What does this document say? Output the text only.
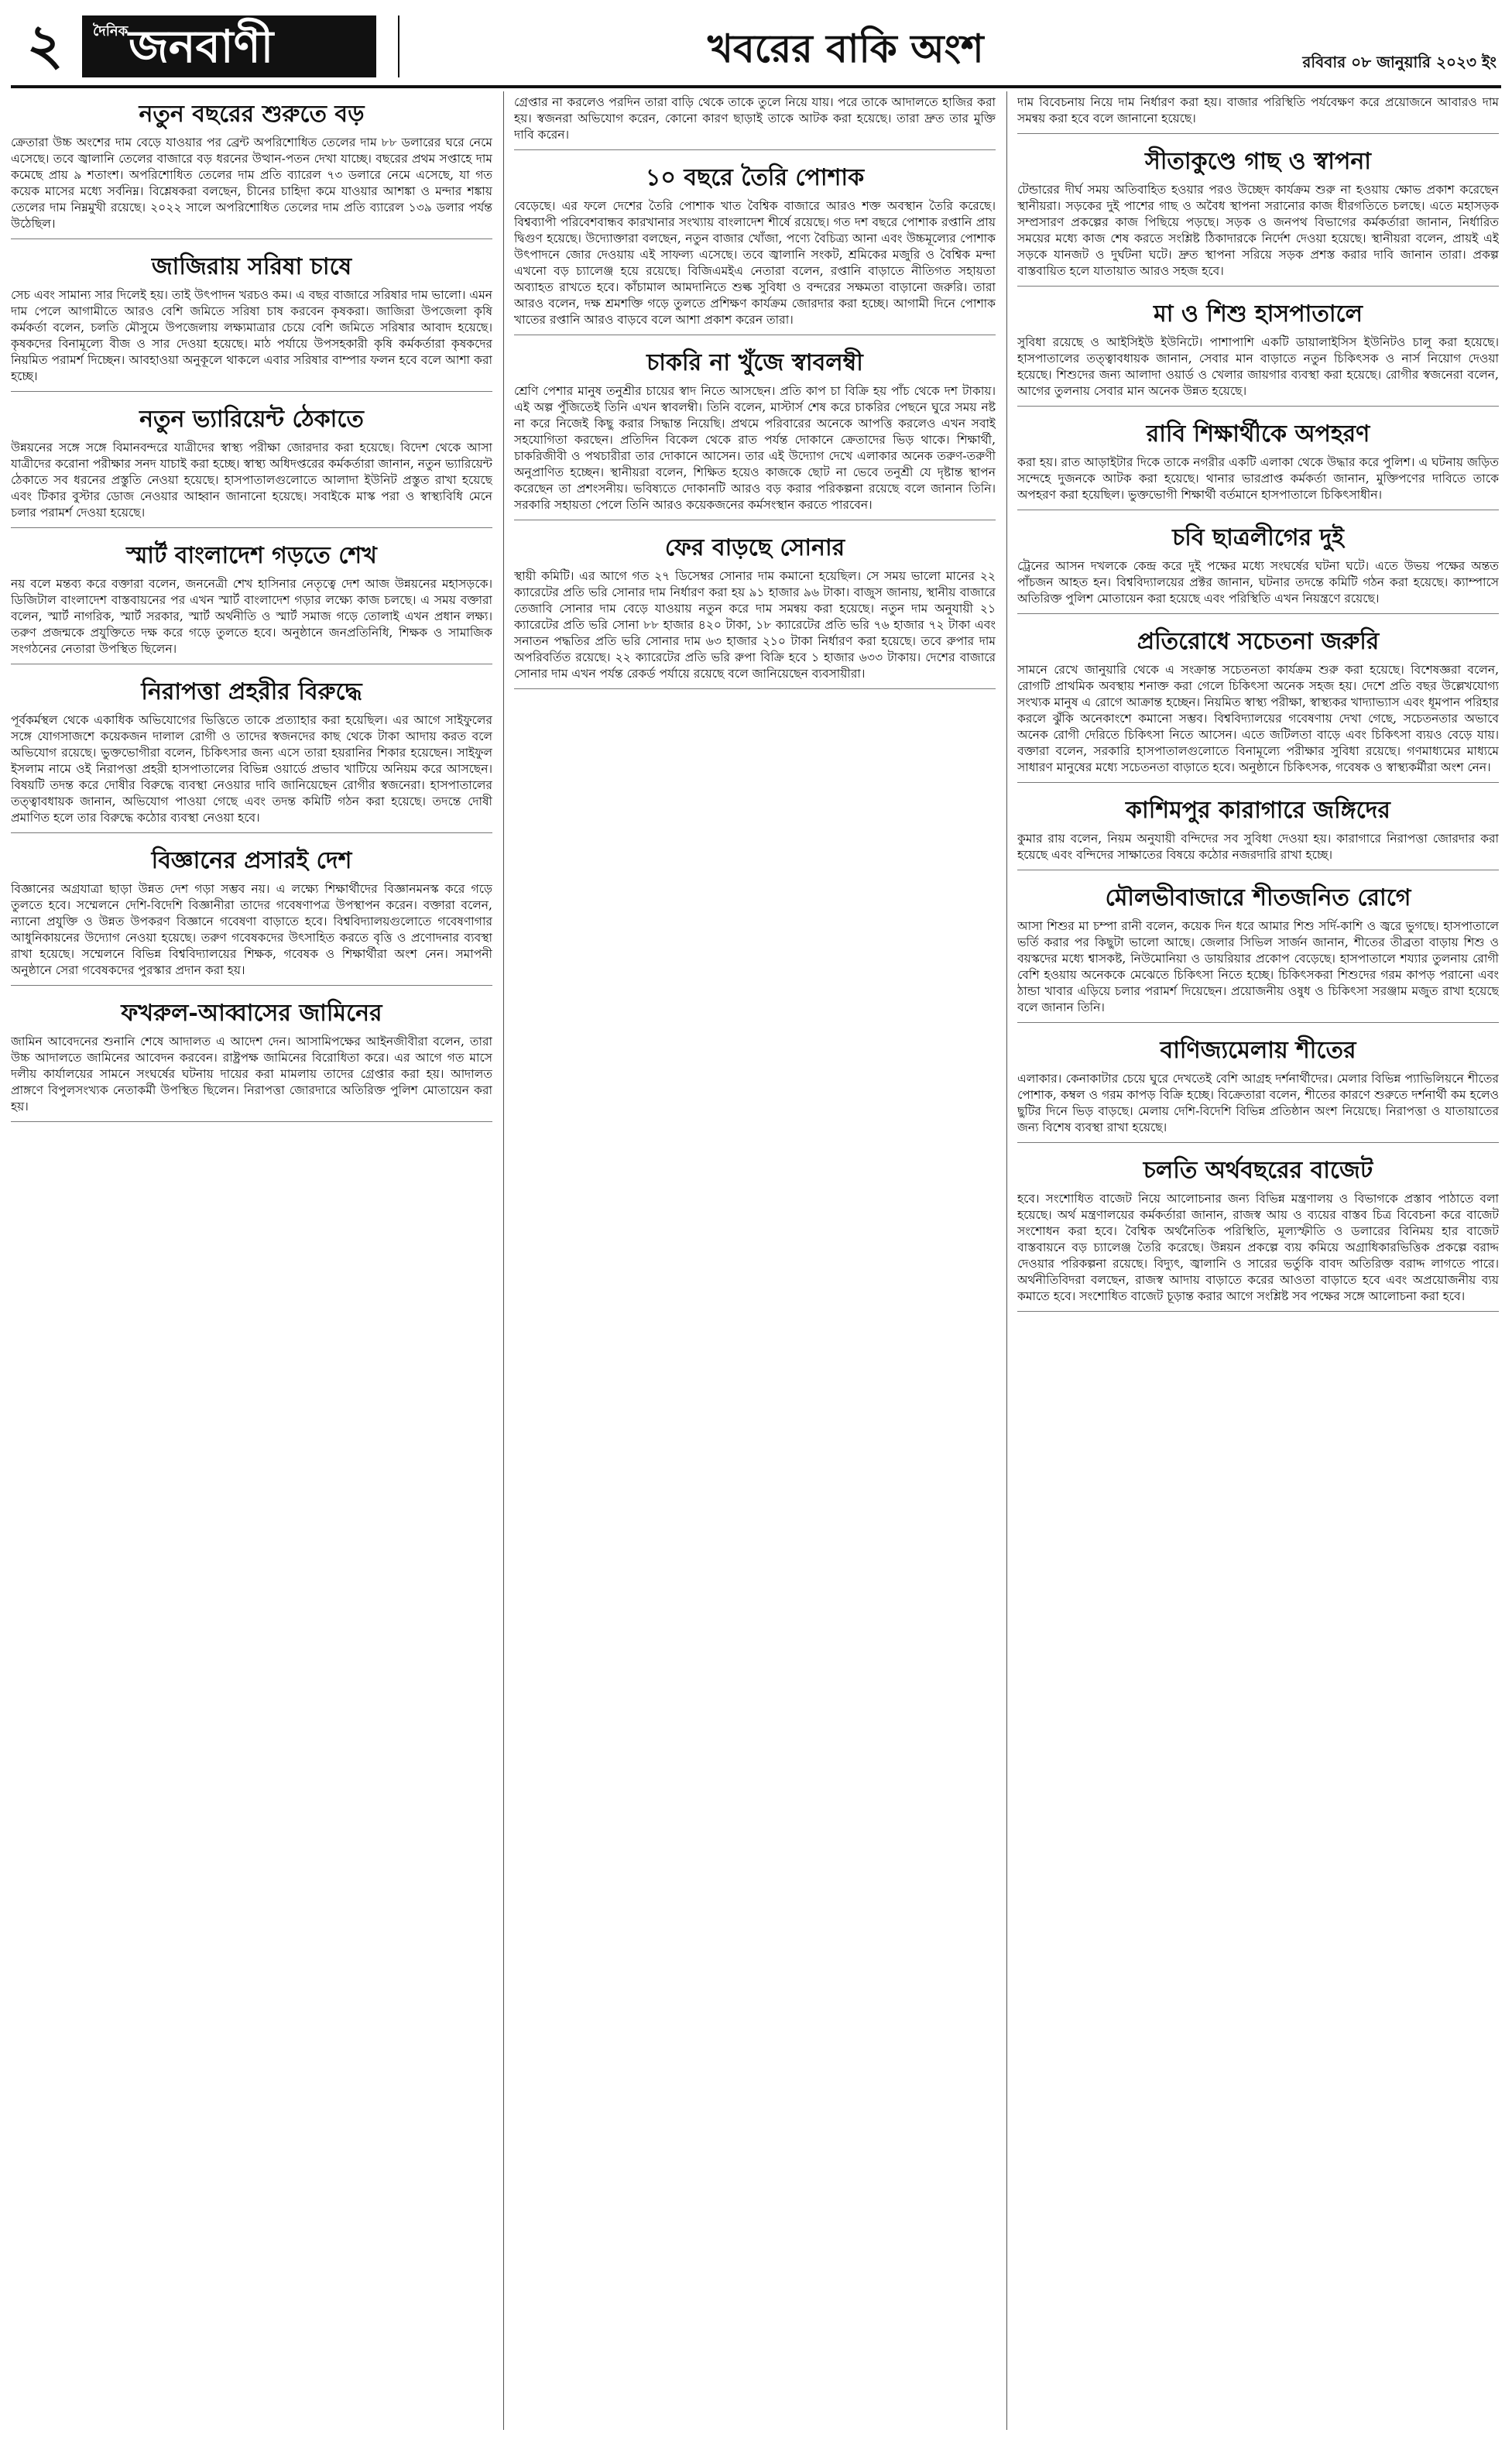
২	দৈনিক জনবাণী	খবরের বাকি অংশ	রবিবার ০৮ জানুয়ারি ২০২৩ ইং
নতুন বছরের শুরুতে বড়

ক্রেতারা উচ্চ অংশের দাম বেড়ে যাওয়ার পর ব্রেন্ট অপরিশোধিত তেলের দাম ৮৮ ডলারের ঘরে নেমে এসেছে। তবে জ্বালানি তেলের বাজারে বড় ধরনের উত্থান-পতন দেখা যাচ্ছে। বছরের প্রথম সপ্তাহে দাম কমেছে প্রায় ৯ শতাংশ। অপরিশোধিত তেলের দাম প্রতি ব্যারেল ৭৩ ডলারে নেমে এসেছে, যা গত কয়েক মাসের মধ্যে সর্বনিম্ন। বিশ্লেষকরা বলছেন, চীনের চাহিদা কমে যাওয়ার আশঙ্কা ও মন্দার শঙ্কায় তেলের দাম নিম্নমুখী রয়েছে। ২০২২ সালে অপরিশোধিত তেলের দাম প্রতি ব্যারেল ১৩৯ ডলার পর্যন্ত উঠেছিল।

জাজিরায় সরিষা চাষে

সেচ এবং সামান্য সার দিলেই হয়। তাই উৎপাদন খরচও কম। এ বছর বাজারে সরিষার দাম ভালো। এমন দাম পেলে আগামীতে আরও বেশি জমিতে সরিষা চাষ করবেন কৃষকরা। জাজিরা উপজেলা কৃষি কর্মকর্তা বলেন, চলতি মৌসুমে উপজেলায় লক্ষ্যমাত্রার চেয়ে বেশি জমিতে সরিষার আবাদ হয়েছে। কৃষকদের বিনামূল্যে বীজ ও সার দেওয়া হয়েছে। মাঠ পর্যায়ে উপসহকারী কৃষি কর্মকর্তারা কৃষকদের নিয়মিত পরামর্শ দিচ্ছেন। আবহাওয়া অনুকূলে থাকলে এবার সরিষার বাম্পার ফলন হবে বলে আশা করা হচ্ছে।

নতুন ভ্যারিয়েন্ট ঠেকাতে

উন্নয়নের সঙ্গে সঙ্গে বিমানবন্দরে যাত্রীদের স্বাস্থ্য পরীক্ষা জোরদার করা হয়েছে। বিদেশ থেকে আসা যাত্রীদের করোনা পরীক্ষার সনদ যাচাই করা হচ্ছে। স্বাস্থ্য অধিদপ্তরের কর্মকর্তারা জানান, নতুন ভ্যারিয়েন্ট ঠেকাতে সব ধরনের প্রস্তুতি নেওয়া হয়েছে। হাসপাতালগুলোতে আলাদা ইউনিট প্রস্তুত রাখা হয়েছে এবং টিকার বুস্টার ডোজ নেওয়ার আহ্বান জানানো হয়েছে। সবাইকে মাস্ক পরা ও স্বাস্থ্যবিধি মেনে চলার পরামর্শ দেওয়া হয়েছে।

স্মার্ট বাংলাদেশ গড়তে শেখ

নয় বলে মন্তব্য করে বক্তারা বলেন, জননেত্রী শেখ হাসিনার নেতৃত্বে দেশ আজ উন্নয়নের মহাসড়কে। ডিজিটাল বাংলাদেশ বাস্তবায়নের পর এখন স্মার্ট বাংলাদেশ গড়ার লক্ষ্যে কাজ চলছে। এ সময় বক্তারা বলেন, স্মার্ট নাগরিক, স্মার্ট সরকার, স্মার্ট অর্থনীতি ও স্মার্ট সমাজ গড়ে তোলাই এখন প্রধান লক্ষ্য। তরুণ প্রজন্মকে প্রযুক্তিতে দক্ষ করে গড়ে তুলতে হবে। অনুষ্ঠানে জনপ্রতিনিধি, শিক্ষক ও সামাজিক সংগঠনের নেতারা উপস্থিত ছিলেন।

নিরাপত্তা প্রহরীর বিরুদ্ধে

পূর্বকর্মস্থল থেকে একাধিক অভিযোগের ভিত্তিতে তাকে প্রত্যাহার করা হয়েছিল। এর আগে সাইফুলের সঙ্গে যোগসাজশে কয়েকজন দালাল রোগী ও তাদের স্বজনদের কাছ থেকে টাকা আদায় করত বলে অভিযোগ রয়েছে। ভুক্তভোগীরা বলেন, চিকিৎসার জন্য এসে তারা হয়রানির শিকার হয়েছেন। সাইফুল ইসলাম নামে ওই নিরাপত্তা প্রহরী হাসপাতালের বিভিন্ন ওয়ার্ডে প্রভাব খাটিয়ে অনিয়ম করে আসছেন। বিষয়টি তদন্ত করে দোষীর বিরুদ্ধে ব্যবস্থা নেওয়ার দাবি জানিয়েছেন রোগীর স্বজনেরা। হাসপাতালের তত্ত্বাবধায়ক জানান, অভিযোগ পাওয়া গেছে এবং তদন্ত কমিটি গঠন করা হয়েছে। তদন্তে দোষী প্রমাণিত হলে তার বিরুদ্ধে কঠোর ব্যবস্থা নেওয়া হবে।

বিজ্ঞানের প্রসারই দেশ

বিজ্ঞানের অগ্রযাত্রা ছাড়া উন্নত দেশ গড়া সম্ভব নয়। এ লক্ষ্যে শিক্ষার্থীদের বিজ্ঞানমনস্ক করে গড়ে তুলতে হবে। সম্মেলনে দেশি-বিদেশি বিজ্ঞানীরা তাদের গবেষণাপত্র উপস্থাপন করেন। বক্তারা বলেন, ন্যানো প্রযুক্তি ও উন্নত উপকরণ বিজ্ঞানে গবেষণা বাড়াতে হবে। বিশ্ববিদ্যালয়গুলোতে গবেষণাগার আধুনিকায়নের উদ্যোগ নেওয়া হয়েছে। তরুণ গবেষকদের উৎসাহিত করতে বৃত্তি ও প্রণোদনার ব্যবস্থা রাখা হয়েছে। সম্মেলনে বিভিন্ন বিশ্ববিদ্যালয়ের শিক্ষক, গবেষক ও শিক্ষার্থীরা অংশ নেন। সমাপনী অনুষ্ঠানে সেরা গবেষকদের পুরস্কার প্রদান করা হয়।

ফখরুল-আব্বাসের জামিনের

জামিন আবেদনের শুনানি শেষে আদালত এ আদেশ দেন। আসামিপক্ষের আইনজীবীরা বলেন, তারা উচ্চ আদালতে জামিনের আবেদন করবেন। রাষ্ট্রপক্ষ জামিনের বিরোধিতা করে। এর আগে গত মাসে দলীয় কার্যালয়ের সামনে সংঘর্ষের ঘটনায় দায়ের করা মামলায় তাদের গ্রেপ্তার করা হয়। আদালত প্রাঙ্গণে বিপুলসংখ্যক নেতাকর্মী উপস্থিত ছিলেন। নিরাপত্তা জোরদারে অতিরিক্ত পুলিশ মোতায়েন করা হয়।

গ্রেপ্তার না করলেও পরদিন তারা বাড়ি থেকে তাকে তুলে নিয়ে যায়। পরে তাকে আদালতে হাজির করা হয়। স্বজনরা অভিযোগ করেন, কোনো কারণ ছাড়াই তাকে আটক করা হয়েছে। তারা দ্রুত তার মুক্তি দাবি করেন।

১০ বছরে তৈরি পোশাক

বেড়েছে। এর ফলে দেশের তৈরি পোশাক খাত বৈশ্বিক বাজারে আরও শক্ত অবস্থান তৈরি করেছে। বিশ্বব্যাপী পরিবেশবান্ধব কারখানার সংখ্যায় বাংলাদেশ শীর্ষে রয়েছে। গত দশ বছরে পোশাক রপ্তানি প্রায় দ্বিগুণ হয়েছে। উদ্যোক্তারা বলছেন, নতুন বাজার খোঁজা, পণ্যে বৈচিত্র্য আনা এবং উচ্চমূল্যের পোশাক উৎপাদনে জোর দেওয়ায় এই সাফল্য এসেছে। তবে জ্বালানি সংকট, শ্রমিকের মজুরি ও বৈশ্বিক মন্দা এখনো বড় চ্যালেঞ্জ হয়ে রয়েছে। বিজিএমইএ নেতারা বলেন, রপ্তানি বাড়াতে নীতিগত সহায়তা অব্যাহত রাখতে হবে। কাঁচামাল আমদানিতে শুল্ক সুবিধা ও বন্দরের সক্ষমতা বাড়ানো জরুরি। তারা আরও বলেন, দক্ষ শ্রমশক্তি গড়ে তুলতে প্রশিক্ষণ কার্যক্রম জোরদার করা হচ্ছে। আগামী দিনে পোশাক খাতের রপ্তানি আরও বাড়বে বলে আশা প্রকাশ করেন তারা।

চাকরি না খুঁজে স্বাবলম্বী

শ্রেণি পেশার মানুষ তনুশ্রীর চায়ের স্বাদ নিতে আসছেন। প্রতি কাপ চা বিক্রি হয় পাঁচ থেকে দশ টাকায়। এই অল্প পুঁজিতেই তিনি এখন স্বাবলম্বী। তিনি বলেন, মাস্টার্স শেষ করে চাকরির পেছনে ঘুরে সময় নষ্ট না করে নিজেই কিছু করার সিদ্ধান্ত নিয়েছি। প্রথমে পরিবারের অনেকে আপত্তি করলেও এখন সবাই সহযোগিতা করছেন। প্রতিদিন বিকেল থেকে রাত পর্যন্ত দোকানে ক্রেতাদের ভিড় থাকে। শিক্ষার্থী, চাকরিজীবী ও পথচারীরা তার দোকানে আসেন। তার এই উদ্যোগ দেখে এলাকার অনেক তরুণ-তরুণী অনুপ্রাণিত হচ্ছেন। স্থানীয়রা বলেন, শিক্ষিত হয়েও কাজকে ছোট না ভেবে তনুশ্রী যে দৃষ্টান্ত স্থাপন করেছেন তা প্রশংসনীয়। ভবিষ্যতে দোকানটি আরও বড় করার পরিকল্পনা রয়েছে বলে জানান তিনি। সরকারি সহায়তা পেলে তিনি আরও কয়েকজনের কর্মসংস্থান করতে পারবেন।

ফের বাড়ছে সোনার

স্থায়ী কমিটি। এর আগে গত ২৭ ডিসেম্বর সোনার দাম কমানো হয়েছিল। সে সময় ভালো মানের ২২ ক্যারেটের প্রতি ভরি সোনার দাম নির্ধারণ করা হয় ৯১ হাজার ৯৬ টাকা। বাজুস জানায়, স্থানীয় বাজারে তেজাবি সোনার দাম বেড়ে যাওয়ায় নতুন করে দাম সমন্বয় করা হয়েছে। নতুন দাম অনুযায়ী ২১ ক্যারেটের প্রতি ভরি সোনা ৮৮ হাজার ৪২০ টাকা, ১৮ ক্যারেটের প্রতি ভরি ৭৬ হাজার ৭২ টাকা এবং সনাতন পদ্ধতির প্রতি ভরি সোনার দাম ৬৩ হাজার ২১০ টাকা নির্ধারণ করা হয়েছে। তবে রুপার দাম অপরিবর্তিত রয়েছে। ২২ ক্যারেটের প্রতি ভরি রুপা বিক্রি হবে ১ হাজার ৬৩৩ টাকায়। দেশের বাজারে সোনার দাম এখন পর্যন্ত রেকর্ড পর্যায়ে রয়েছে বলে জানিয়েছেন ব্যবসায়ীরা।

দাম বিবেচনায় নিয়ে দাম নির্ধারণ করা হয়। বাজার পরিস্থিতি পর্যবেক্ষণ করে প্রয়োজনে আবারও দাম সমন্বয় করা হবে বলে জানানো হয়েছে।

সীতাকুণ্ডে গাছ ও স্বাপনা

টেন্ডারের দীর্ঘ সময় অতিবাহিত হওয়ার পরও উচ্ছেদ কার্যক্রম শুরু না হওয়ায় ক্ষোভ প্রকাশ করেছেন স্থানীয়রা। সড়কের দুই পাশের গাছ ও অবৈধ স্থাপনা সরানোর কাজ ধীরগতিতে চলছে। এতে মহাসড়ক সম্প্রসারণ প্রকল্পের কাজ পিছিয়ে পড়ছে। সড়ক ও জনপথ বিভাগের কর্মকর্তারা জানান, নির্ধারিত সময়ের মধ্যে কাজ শেষ করতে সংশ্লিষ্ট ঠিকাদারকে নির্দেশ দেওয়া হয়েছে। স্থানীয়রা বলেন, প্রায়ই এই সড়কে যানজট ও দুর্ঘটনা ঘটে। দ্রুত স্থাপনা সরিয়ে সড়ক প্রশস্ত করার দাবি জানান তারা। প্রকল্প বাস্তবায়িত হলে যাতায়াত আরও সহজ হবে।

মা ও শিশু হাসপাতালে

সুবিধা রয়েছে ও আইসিইউ ইউনিটে। পাশাপাশি একটি ডায়ালাইসিস ইউনিটও চালু করা হয়েছে। হাসপাতালের তত্ত্বাবধায়ক জানান, সেবার মান বাড়াতে নতুন চিকিৎসক ও নার্স নিয়োগ দেওয়া হয়েছে। শিশুদের জন্য আলাদা ওয়ার্ড ও খেলার জায়গার ব্যবস্থা করা হয়েছে। রোগীর স্বজনেরা বলেন, আগের তুলনায় সেবার মান অনেক উন্নত হয়েছে।

রাবি শিক্ষার্থীকে অপহরণ

করা হয়। রাত আড়াইটার দিকে তাকে নগরীর একটি এলাকা থেকে উদ্ধার করে পুলিশ। এ ঘটনায় জড়িত সন্দেহে দুজনকে আটক করা হয়েছে। থানার ভারপ্রাপ্ত কর্মকর্তা জানান, মুক্তিপণের দাবিতে তাকে অপহরণ করা হয়েছিল। ভুক্তভোগী শিক্ষার্থী বর্তমানে হাসপাতালে চিকিৎসাধীন।

চবি ছাত্রলীগের দুই

ট্রেনের আসন দখলকে কেন্দ্র করে দুই পক্ষের মধ্যে সংঘর্ষের ঘটনা ঘটে। এতে উভয় পক্ষের অন্তত পাঁচজন আহত হন। বিশ্ববিদ্যালয়ের প্রক্টর জানান, ঘটনার তদন্তে কমিটি গঠন করা হয়েছে। ক্যাম্পাসে অতিরিক্ত পুলিশ মোতায়েন করা হয়েছে এবং পরিস্থিতি এখন নিয়ন্ত্রণে রয়েছে।

প্রতিরোধে সচেতনা জরুরি

সামনে রেখে জানুয়ারি থেকে এ সংক্রান্ত সচেতনতা কার্যক্রম শুরু করা হয়েছে। বিশেষজ্ঞরা বলেন, রোগটি প্রাথমিক অবস্থায় শনাক্ত করা গেলে চিকিৎসা অনেক সহজ হয়। দেশে প্রতি বছর উল্লেখযোগ্য সংখ্যক মানুষ এ রোগে আক্রান্ত হচ্ছেন। নিয়মিত স্বাস্থ্য পরীক্ষা, স্বাস্থ্যকর খাদ্যাভ্যাস এবং ধূমপান পরিহার করলে ঝুঁকি অনেকাংশে কমানো সম্ভব। বিশ্ববিদ্যালয়ের গবেষণায় দেখা গেছে, সচেতনতার অভাবে অনেক রোগী দেরিতে চিকিৎসা নিতে আসেন। এতে জটিলতা বাড়ে এবং চিকিৎসা ব্যয়ও বেড়ে যায়। বক্তারা বলেন, সরকারি হাসপাতালগুলোতে বিনামূল্যে পরীক্ষার সুবিধা রয়েছে। গণমাধ্যমের মাধ্যমে সাধারণ মানুষের মধ্যে সচেতনতা বাড়াতে হবে। অনুষ্ঠানে চিকিৎসক, গবেষক ও স্বাস্থ্যকর্মীরা অংশ নেন।

কাশিমপুর কারাগারে জঙ্গিদের

কুমার রায় বলেন, নিয়ম অনুযায়ী বন্দিদের সব সুবিধা দেওয়া হয়। কারাগারে নিরাপত্তা জোরদার করা হয়েছে এবং বন্দিদের সাক্ষাতের বিষয়ে কঠোর নজরদারি রাখা হচ্ছে।

মৌলভীবাজারে শীতজনিত রোগে

আসা শিশুর মা চম্পা রানী বলেন, কয়েক দিন ধরে আমার শিশু সর্দি-কাশি ও জ্বরে ভুগছে। হাসপাতালে ভর্তি করার পর কিছুটা ভালো আছে। জেলার সিভিল সার্জন জানান, শীতের তীব্রতা বাড়ায় শিশু ও বয়স্কদের মধ্যে শ্বাসকষ্ট, নিউমোনিয়া ও ডায়রিয়ার প্রকোপ বেড়েছে। হাসপাতালে শয্যার তুলনায় রোগী বেশি হওয়ায় অনেককে মেঝেতে চিকিৎসা নিতে হচ্ছে। চিকিৎসকরা শিশুদের গরম কাপড় পরানো এবং ঠান্ডা খাবার এড়িয়ে চলার পরামর্শ দিয়েছেন। প্রয়োজনীয় ওষুধ ও চিকিৎসা সরঞ্জাম মজুত রাখা হয়েছে বলে জানান তিনি।

বাণিজ্যমেলায় শীতের

এলাকার। কেনাকাটার চেয়ে ঘুরে দেখতেই বেশি আগ্রহ দর্শনার্থীদের। মেলার বিভিন্ন প্যাভিলিয়নে শীতের পোশাক, কম্বল ও গরম কাপড় বিক্রি হচ্ছে। বিক্রেতারা বলেন, শীতের কারণে শুরুতে দর্শনার্থী কম হলেও ছুটির দিনে ভিড় বাড়ছে। মেলায় দেশি-বিদেশি বিভিন্ন প্রতিষ্ঠান অংশ নিয়েছে। নিরাপত্তা ও যাতায়াতের জন্য বিশেষ ব্যবস্থা রাখা হয়েছে।

চলতি অর্থবছরের বাজেট

হবে। সংশোধিত বাজেট নিয়ে আলোচনার জন্য বিভিন্ন মন্ত্রণালয় ও বিভাগকে প্রস্তাব পাঠাতে বলা হয়েছে। অর্থ মন্ত্রণালয়ের কর্মকর্তারা জানান, রাজস্ব আয় ও ব্যয়ের বাস্তব চিত্র বিবেচনা করে বাজেট সংশোধন করা হবে। বৈশ্বিক অর্থনৈতিক পরিস্থিতি, মূল্যস্ফীতি ও ডলারের বিনিময় হার বাজেট বাস্তবায়নে বড় চ্যালেঞ্জ তৈরি করেছে। উন্নয়ন প্রকল্পে ব্যয় কমিয়ে অগ্রাধিকারভিত্তিক প্রকল্পে বরাদ্দ দেওয়ার পরিকল্পনা রয়েছে। বিদ্যুৎ, জ্বালানি ও সারের ভর্তুকি বাবদ অতিরিক্ত বরাদ্দ লাগতে পারে। অর্থনীতিবিদরা বলছেন, রাজস্ব আদায় বাড়াতে করের আওতা বাড়াতে হবে এবং অপ্রয়োজনীয় ব্যয় কমাতে হবে। সংশোধিত বাজেট চূড়ান্ত করার আগে সংশ্লিষ্ট সব পক্ষের সঙ্গে আলোচনা করা হবে।
